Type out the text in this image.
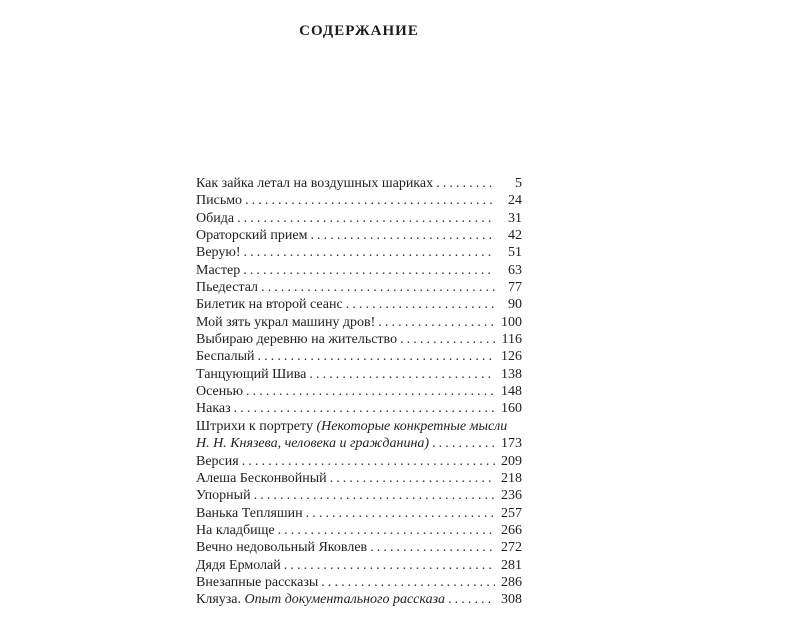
СОДЕРЖАНИЕ
Как зайка летал на воздушных шариках .....	5
Письмо .....	24
Обида .....	31
Ораторский прием .....	42
Верую! .....	51
Мастер .....	63
Пьедестал .....	77
Билетик на второй сеанс .....	90
Мой зять украл машину дров! .....	100
Выбираю деревню на жительство .....	116
Беспалый .....	126
Танцующий Шива .....	138
Осенью .....	148
Наказ .....	160
Штрихи к портрету (Некоторые конкретные мысли
Н. Н. Князева, человека и гражданина) .....	173
Версия .....	209
Алеша Бесконвойный .....	218
Упорный .....	236
Ванька Тепляшин .....	257
На кладбище .....	266
Вечно недовольный Яковлев .....	272
Дядя Ермолай .....	281
Внезапные рассказы .....	286
Кляуза. Опыт документального рассказа .....	308
